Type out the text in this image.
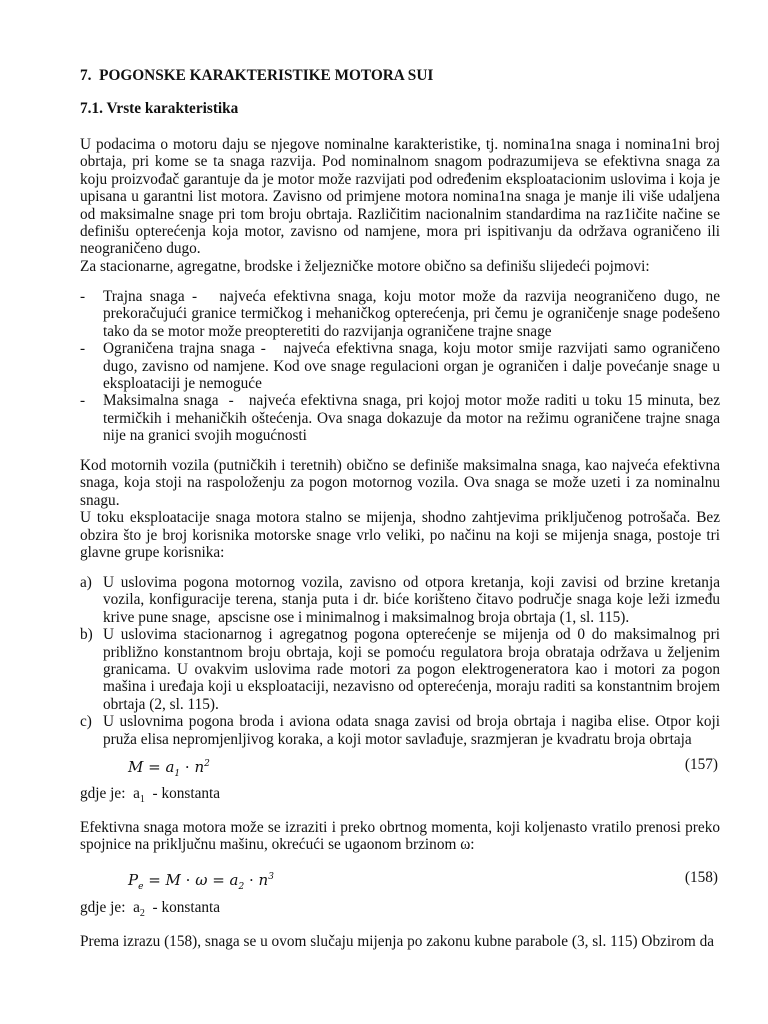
7.  POGONSKE KARAKTERISTIKE MOTORA SUI

7.1. Vrste karakteristika

U podacima o motoru daju se njegove nominalne karakteristike, tj. nomina1na snaga i nomina1ni broj obrtaja, pri kome se ta snaga razvija. Pod nominalnom snagom podrazumijeva se efektivna snaga za koju proizvođač garantuje da je motor može razvijati pod određenim eksploatacionim uslovima i koja je upisana u garantni list motora. Zavisno od primjene motora nomina1na snaga je manje ili više udaljena od maksimalne snage pri tom broju obrtaja. Različitim nacionalnim standardima na raz1ičite načine se definišu opterećenja koja motor, zavisno od namjene, mora pri ispitivanju da održava ograničeno ili neograničeno dugo.

Za stacionarne, agregatne, brodske i željezničke motore obično sa definišu slijedeći pojmovi:

- Trajna snaga -   najveća efektivna snaga, koju motor može da razvija neograničeno dugo, ne prekoračujući granice termičkog i mehaničkog opterećenja, pri čemu je ograničenje snage podešeno tako da se motor može preopteretiti do razvijanja ograničene trajne snage
- Ograničena trajna snaga -   najveća efektivna snaga, koju motor smije razvijati samo ograničeno dugo, zavisno od namjene. Kod ove snage regulacioni organ je ograničen i dalje povećanje snage u eksploataciji je nemoguće
- Maksimalna snaga  -   najveća efektivna snaga, pri kojoj motor može raditi u toku 15 minuta, bez termičkih i mehaničkih oštećenja. Ova snaga dokazuje da motor na režimu ograničene trajne snaga nije na granici svojih mogućnosti

Kod motornih vozila (putničkih i teretnih) obično se definiše maksimalna snaga, kao najveća efektivna snaga, koja stoji na raspoloženju za pogon motornog vozila. Ova snaga se može uzeti i za nominalnu snagu.

U toku eksploatacije snaga motora stalno se mijenja, shodno zahtjevima priključenog potrošača. Bez obzira što je broj korisnika motorske snage vrlo veliki, po načinu na koji se mijenja snaga, postoje tri glavne grupe korisnika:

a) U uslovima pogona motornog vozila, zavisno od otpora kretanja, koji zavisi od brzine kretanja vozila, konfiguracije terena, stanja puta i dr. biće korišteno čitavo područje snaga koje leži između krive pune snage,  apscisne ose i minimalnog i maksimalnog broja obrtaja (1, sl. 115).
b) U uslovima stacionarnog i agregatnog pogona opterećenje se mijenja od 0 do maksimalnog pri približno konstantnom broju obrtaja, koji se pomoću regulatora broja obrataja održava u željenim granicama. U ovakvim uslovima rade motori za pogon elektrogeneratora kao i motori za pogon mašina i uređaja koji u eksploataciji, nezavisno od opterećenja, moraju raditi sa konstantnim brojem obrtaja (2, sl. 115).
c) U uslovnima pogona broda i aviona odata snaga zavisi od broja obrtaja i nagiba elise. Otpor koji pruža elisa nepromjenljivog koraka, a koji motor savlađuje, srazmjeran je kvadratu broja obrtaja
$M = a_1 \cdot n^2$	(157)
gdje je:  $a_1$  - konstanta

Efektivna snaga motora može se izraziti i preko obrtnog momenta, koji koljenasto vratilo prenosi preko spojnice na priključnu mašinu, okrećući se ugaonom brzinom ω:

$P_e = M \cdot \omega = a_2 \cdot n^3$	(158)
gdje je:  $a_2$  - konstanta

Prema izrazu (158), snaga se u ovom slučaju mijenja po zakonu kubne parabole (3, sl. 115) Obzirom da
